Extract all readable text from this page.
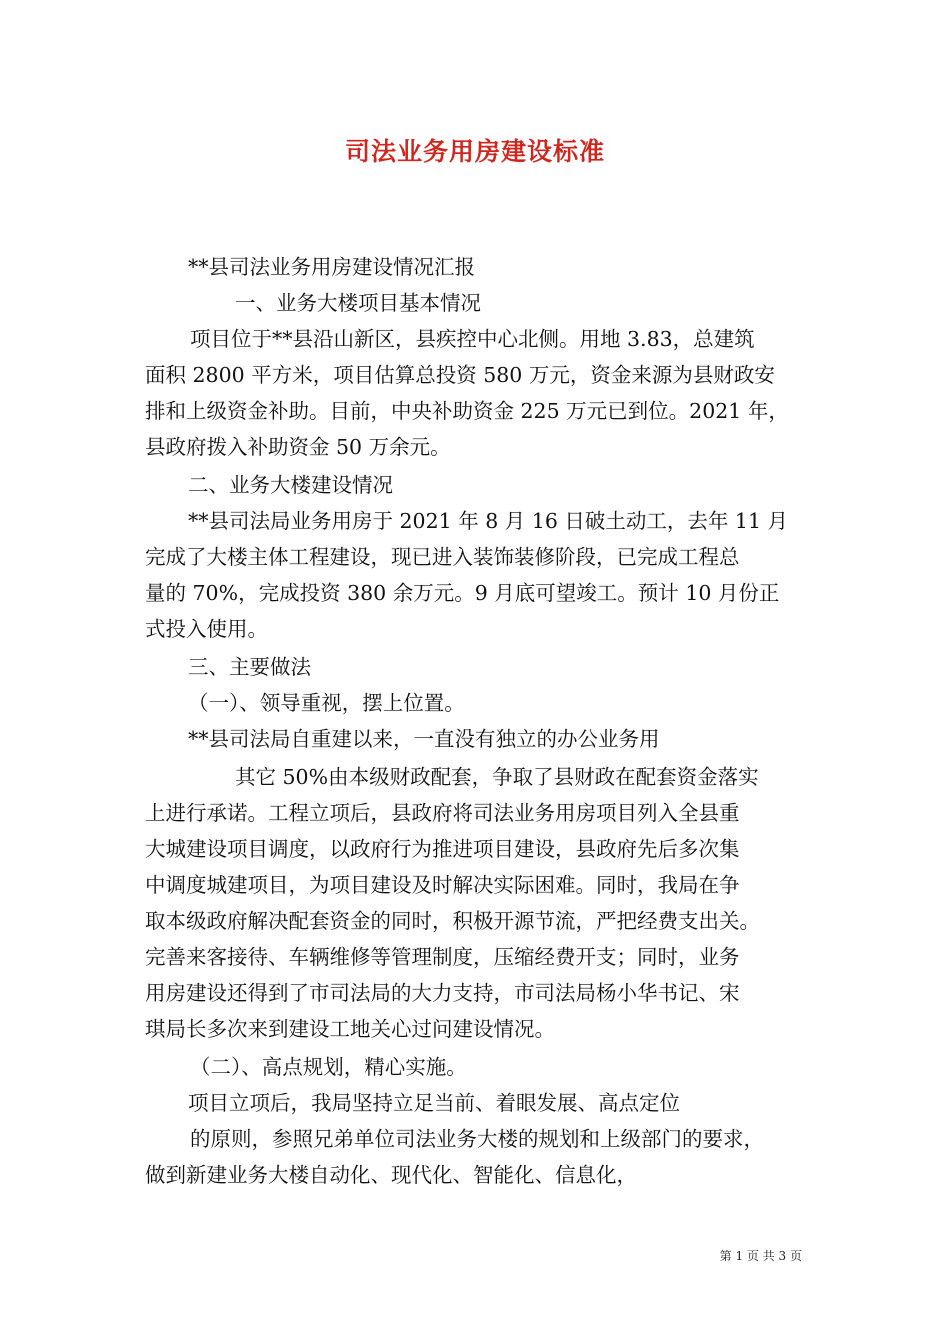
司法业务用房建设标准
**县司法业务用房建设情况汇报
一、业务大楼项目基本情况
项目位于**县沿山新区，县疾控中心北侧。用地 3.83，总建筑
面积 2800 平方米，项目估算总投资 580 万元，资金来源为县财政安
排和上级资金补助。目前，中央补助资金 225 万元已到位。2021 年，
县政府拨入补助资金 50 万余元。
二、业务大楼建设情况
**县司法局业务用房于 2021 年 8 月 16 日破土动工，去年 11 月
完成了大楼主体工程建设，现已进入装饰装修阶段，已完成工程总
量的 70%，完成投资 380 余万元。9 月底可望竣工。预计 10 月份正
式投入使用。
三、主要做法
（一）、领导重视，摆上位置。
**县司法局自重建以来，一直没有独立的办公业务用
其它 50%由本级财政配套，争取了县财政在配套资金落实
上进行承诺。工程立项后，县政府将司法业务用房项目列入全县重
大城建设项目调度，以政府行为推进项目建设，县政府先后多次集
中调度城建项目，为项目建设及时解决实际困难。同时，我局在争
取本级政府解决配套资金的同时，积极开源节流，严把经费支出关。
完善来客接待、车辆维修等管理制度，压缩经费开支；同时，业务
用房建设还得到了市司法局的大力支持，市司法局杨小华书记、宋
琪局长多次来到建设工地关心过问建设情况。
（二）、高点规划，精心实施。
项目立项后，我局坚持立足当前、着眼发展、高点定位
的原则，参照兄弟单位司法业务大楼的规划和上级部门的要求，
做到新建业务大楼自动化、现代化、智能化、信息化，
第 1 页 共 3 页
